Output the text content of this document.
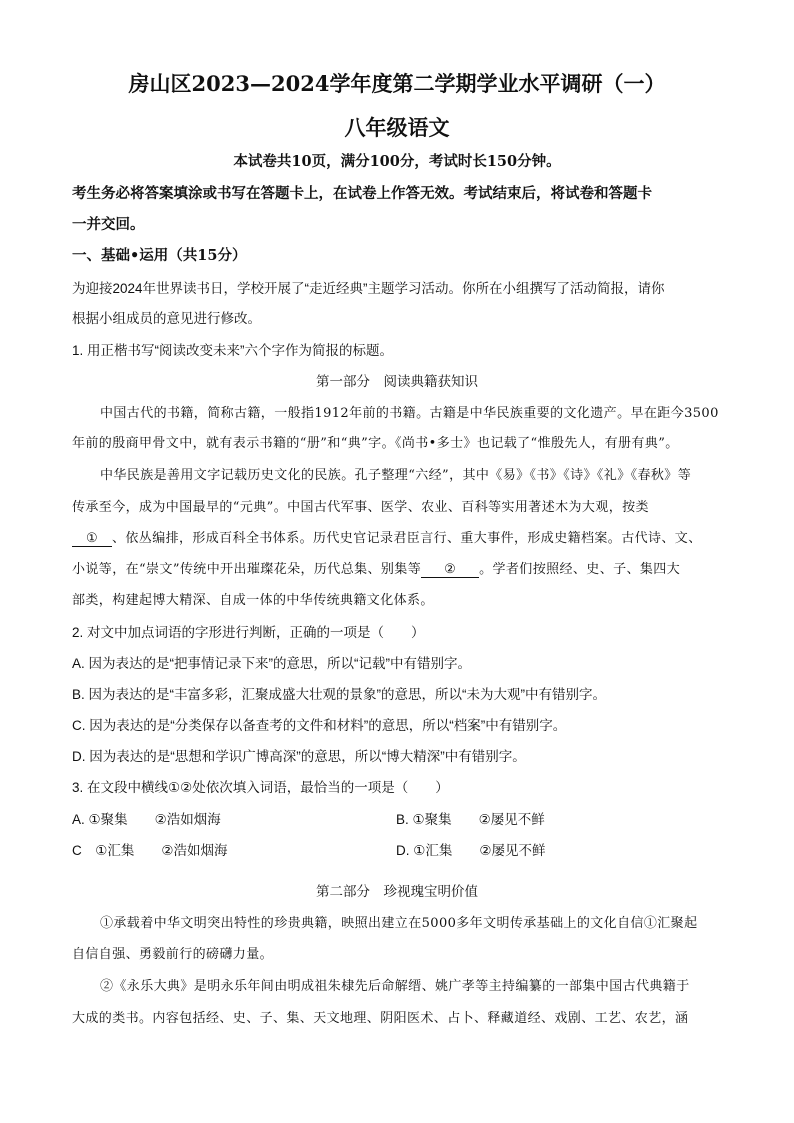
房山区2023—2024学年度第二学期学业水平调研（一）
八年级语文
本试卷共10页，满分100分，考试时长150分钟。
考生务必将答案填涂或书写在答题卡上，在试卷上作答无效。考试结束后，将试卷和答题卡
一并交回。
一、基础•运用（共15分）
为迎接2024年世界读书日，学校开展了“走近经典”主题学习活动。你所在小组撰写了活动简报，请你
根据小组成员的意见进行修改。
1. 用正楷书写“阅读改变未来”六个字作为简报的标题。
第一部分　阅读典籍获知识
中国古代的书籍，简称古籍，一般指1912年前的书籍。古籍是中华民族重要的文化遗产。早在距今3500
年前的殷商甲骨文中，就有表示书籍的“册”和“典”字。《尚书•多士》也记载了“惟殷先人，有册有典”。
中华民族是善用文字记载历史文化的民族。孔子整理“六经”，其中《易》《书》《诗》《礼》《春秋》等
传承至今，成为中国最早的“元典”。中国古代军事、医学、农业、百科等实用著述木为大观，按类
① 、依丛编排，形成百科全书体系。历代史官记录君臣言行、重大事件，形成史籍档案。古代诗、文、
小说等，在“崇文”传统中开出璀璨花朵，历代总集、别集等 ② 。学者们按照经、史、子、集四大
部类，构建起博大精深、自成一体的中华传统典籍文化体系。
2. 对文中加点词语的字形进行判断，正确的一项是（　　）
A. 因为表达的是“把事情记录下来”的意思，所以“记载”中有错别字。
B. 因为表达的是“丰富多彩，汇聚成盛大壮观的景象”的意思，所以“未为大观”中有错别字。
C. 因为表达的是“分类保存以备查考的文件和材料”的意思，所以“档案”中有错别字。
D. 因为表达的是“思想和学识广博高深”的意思，所以“博大精深”中有错别字。
3. 在文段中横线①②处依次填入词语，最恰当的一项是（　　）
A. ①聚集　　②浩如烟海	B. ①聚集　　②屡见不鲜
C　①汇集　　②浩如烟海	D. ①汇集　　②屡见不鲜
第二部分　珍视瑰宝明价值
①承载着中华文明突出特性的珍贵典籍，映照出建立在5000多年文明传承基础上的文化自信①汇聚起
自信自强、勇毅前行的磅礴力量。
②《永乐大典》是明永乐年间由明成祖朱棣先后命解缙、姚广孝等主持编纂的一部集中国古代典籍于
大成的类书。内容包括经、史、子、集、天文地理、阴阳医术、占卜、释藏道经、戏剧、工艺、农艺，涵
